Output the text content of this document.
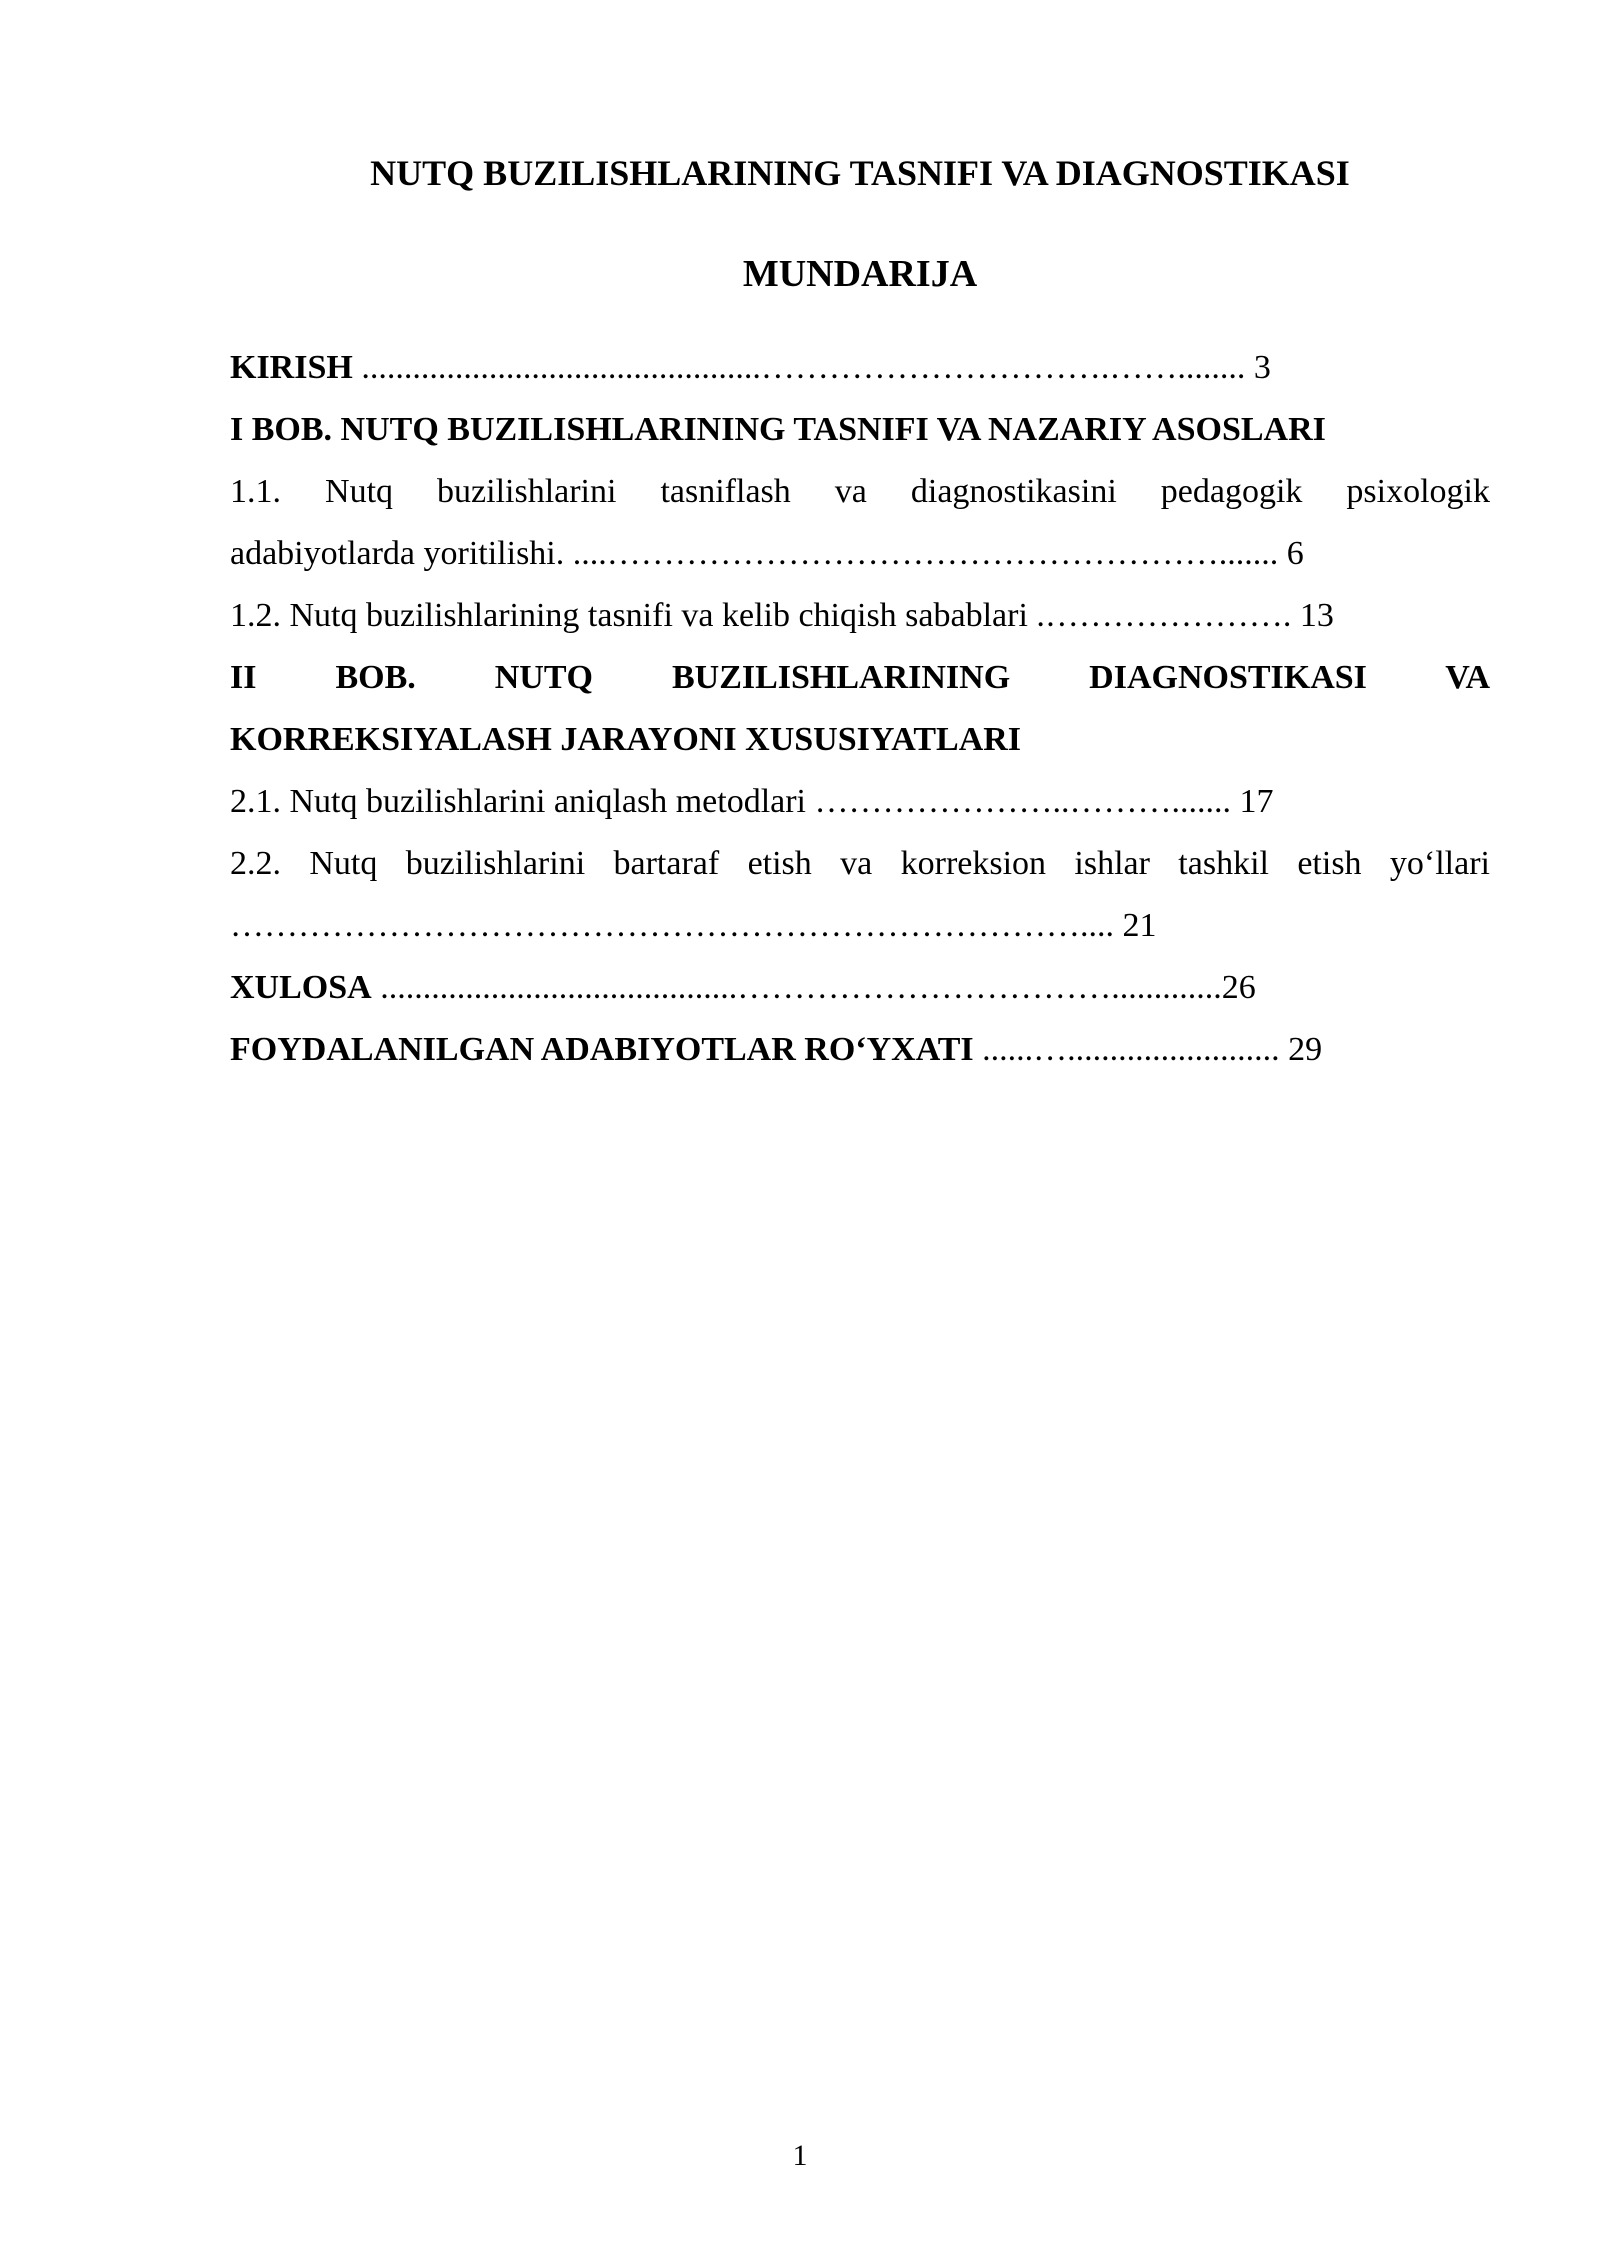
NUTQ BUZILISHLARINING TASNIFI VA DIAGNOSTIKASI
MUNDARIJA
KIRISH ...............................................………………………….……........ 3
I BOB. NUTQ BUZILISHLARINING TASNIFI VA NAZARIY ASOSLARI
1.1. Nutq buzilishlarini tasniflash va diagnostikasini pedagogik psixologik
adabiyotlarda yoritilishi. ....………………………………………………....... 6
1.2. Nutq buzilishlarining tasnifi va kelib chiqish sabablari .…………………. 13
II BOB. NUTQ BUZILISHLARINING DIAGNOSTIKASI VA
KORREKSIYALASH JARAYONI XUSUSIYATLARI
2.1. Nutq buzilishlarini aniqlash metodlari …………………..………....... 17
2.2. Nutq buzilishlarini bartaraf etish va korreksion ishlar tashkil etish yo‘llari
………………………………………………………………….... 21
XULOSA ..........................................…………………………….............26
FOYDALANILGAN ADABIYOTLAR RO‘YXATI ......…......................... 29
1
